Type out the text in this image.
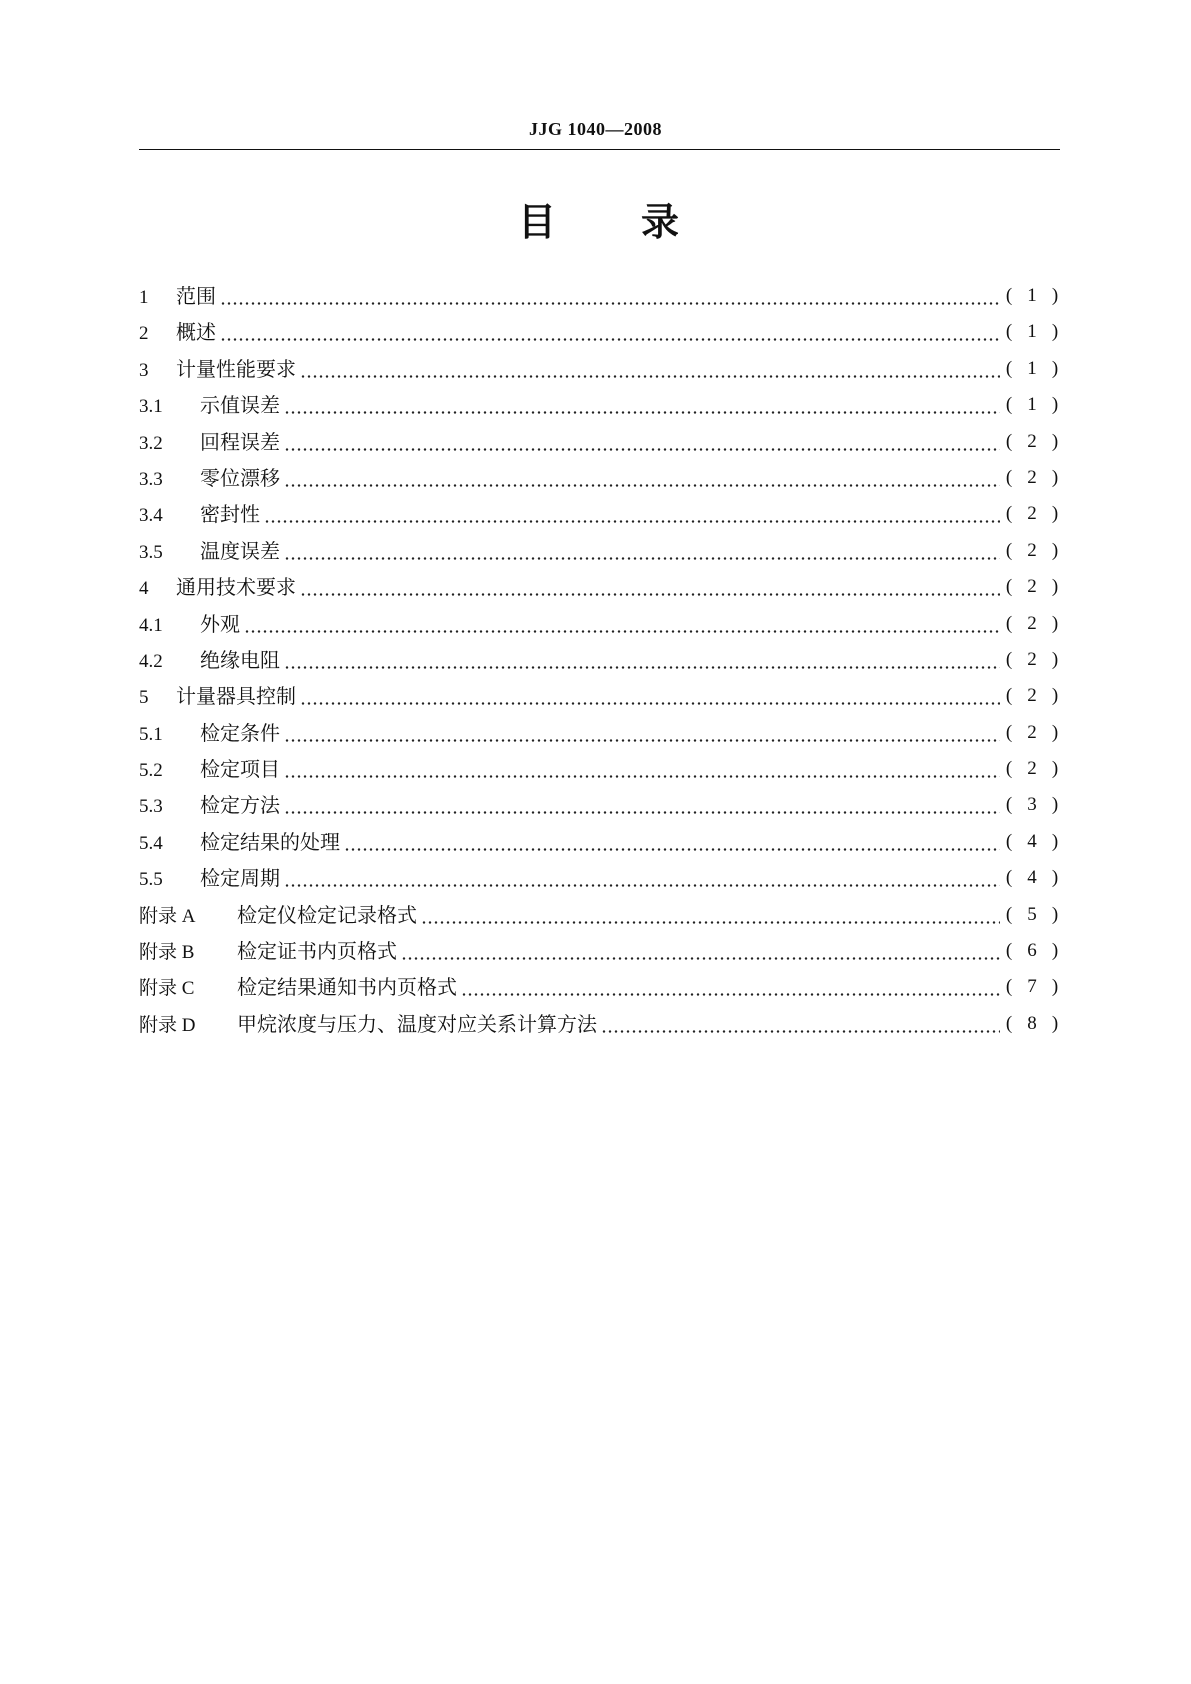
JJG 1040—2008
目 录
1 范围	( 1 )
2 概述	( 1 )
3 计量性能要求	( 1 )
3.1 示值误差	( 1 )
3.2 回程误差	( 2 )
3.3 零位漂移	( 2 )
3.4 密封性	( 2 )
3.5 温度误差	( 2 )
4 通用技术要求	( 2 )
4.1 外观	( 2 )
4.2 绝缘电阻	( 2 )
5 计量器具控制	( 2 )
5.1 检定条件	( 2 )
5.2 检定项目	( 2 )
5.3 检定方法	( 3 )
5.4 检定结果的处理	( 4 )
5.5 检定周期	( 4 )
附录 A 检定仪检定记录格式	( 5 )
附录 B 检定证书内页格式	( 6 )
附录 C 检定结果通知书内页格式	( 7 )
附录 D 甲烷浓度与压力、温度对应关系计算方法	( 8 )
